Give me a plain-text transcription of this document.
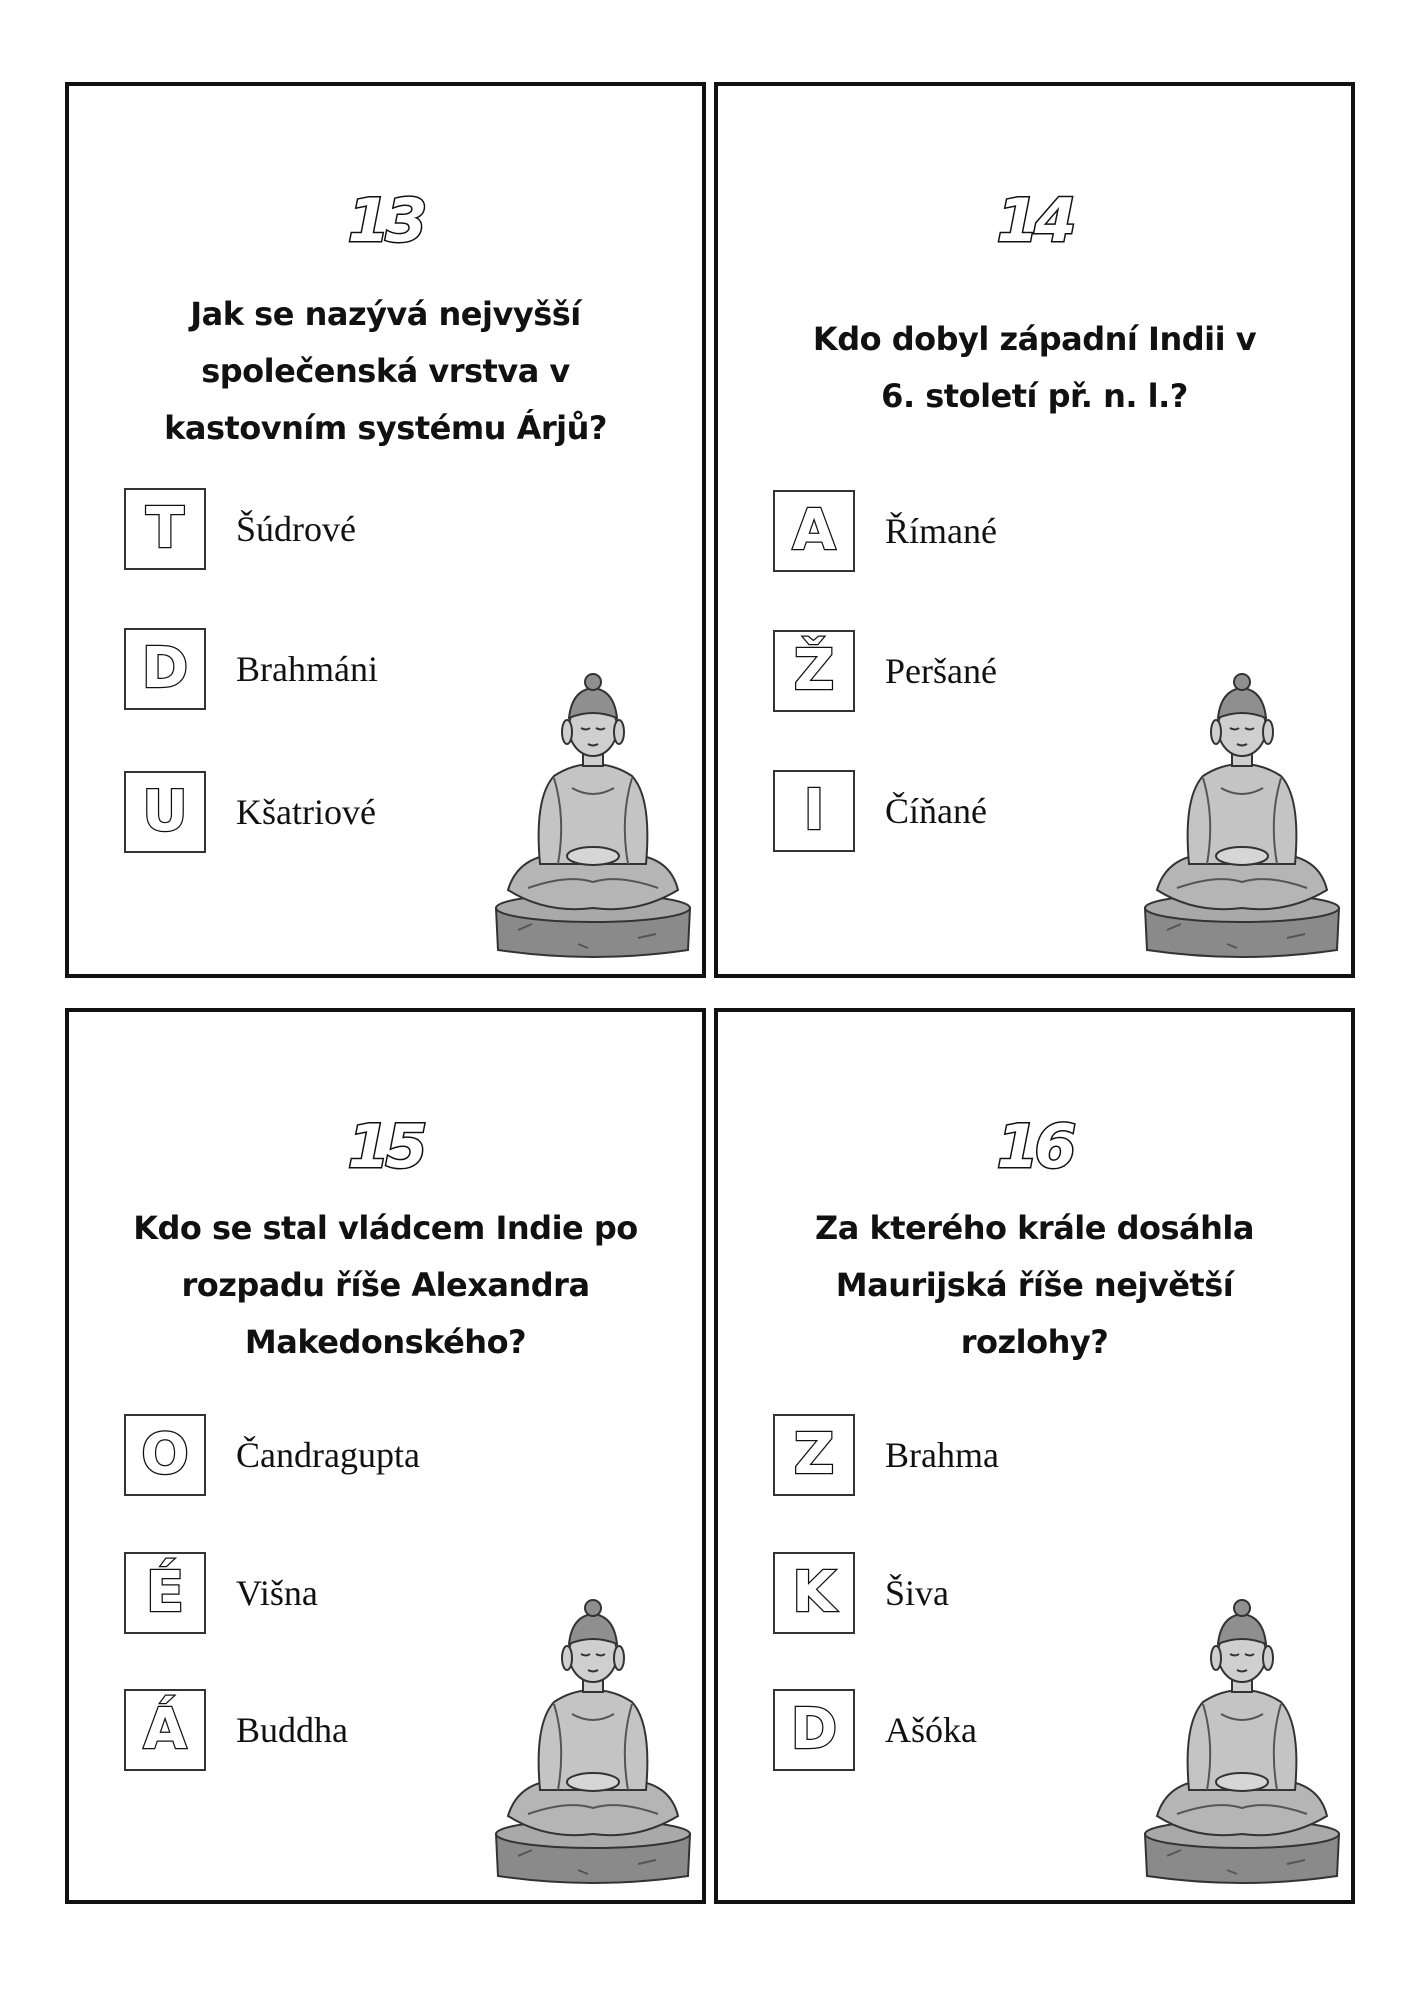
13
Jak se nazývá nejvyšší
společenská vrstva v
kastovním systému Árjů?
T	Šúdrové
D	Brahmáni
U	Kšatriové
14
Kdo dobyl západní Indii v
6. století př. n. l.?
A	Římané
Ž	Peršané
I	Číňané
15
Kdo se stal vládcem Indie po
rozpadu říše Alexandra
Makedonského?
O	Čandragupta
É	Višna
Á	Buddha
16
Za kterého krále dosáhla
Maurijská říše největší rozlohy?
Z	Brahma
K	Šiva
D	Ašóka
